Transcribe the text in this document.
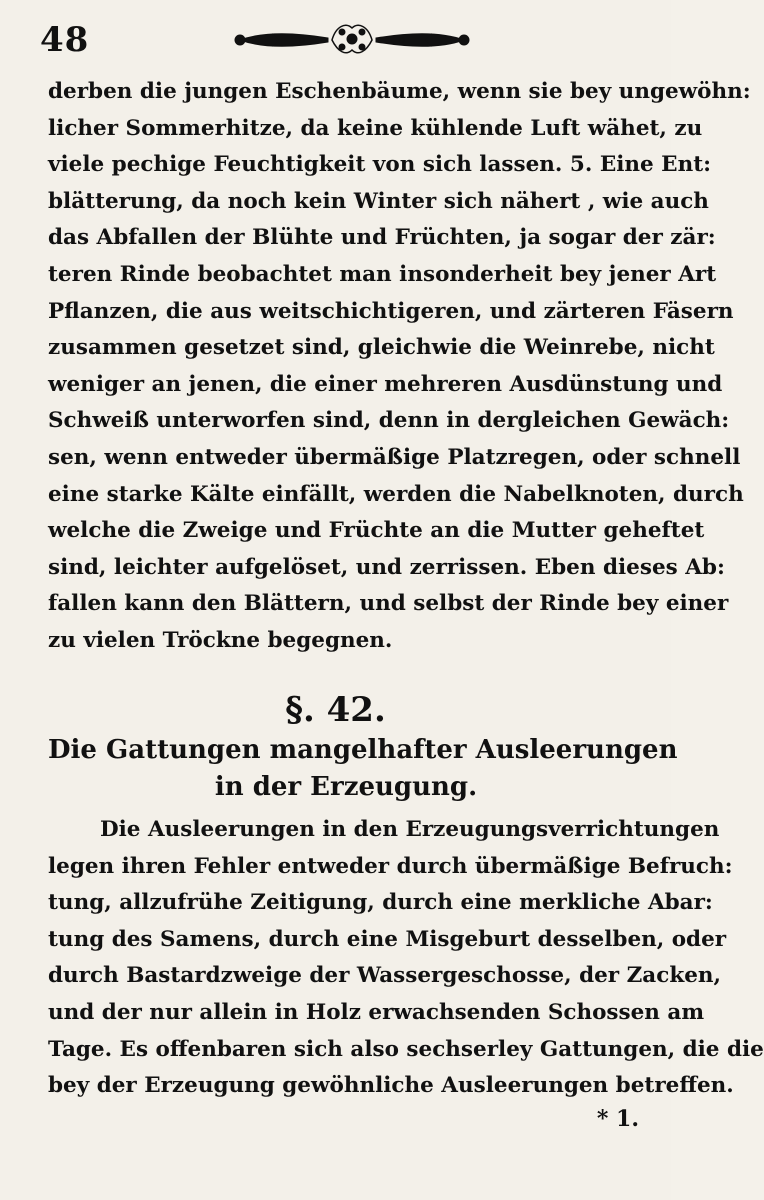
48
derben die jungen Eschenbäume, wenn sie bey ungewöhn:
licher Sommerhitze, da keine kühlende Luft wähet, zu
viele pechige Feuchtigkeit von sich lassen. 5. Eine Ent:
blätterung, da noch kein Winter sich nähert , wie auch
das Abfallen der Blühte und Früchten, ja sogar der zär:
teren Rinde beobachtet man insonderheit bey jener Art
Pflanzen, die aus weitschichtigeren, und zärteren Fäsern
zusammen gesetzet sind, gleichwie die Weinrebe, nicht
weniger an jenen, die einer mehreren Ausdünstung und
Schweiß unterworfen sind, denn in dergleichen Gewäch:
sen, wenn entweder übermäßige Platzregen, oder schnell
eine starke Kälte einfällt, werden die Nabelknoten, durch
welche die Zweige und Früchte an die Mutter geheftet
sind, leichter aufgelöset, und zerrissen. Eben dieses Ab:
fallen kann den Blättern, und selbst der Rinde bey einer
zu vielen Tröckne begegnen.
§. 42.
Die Gattungen mangelhafter Ausleerungen
in der Erzeugung.
Die Ausleerungen in den Erzeugungsverrichtungen
legen ihren Fehler entweder durch übermäßige Befruch:
tung, allzufrühe Zeitigung, durch eine merkliche Abar:
tung des Samens, durch eine Misgeburt desselben, oder
durch Bastardzweige der Wassergeschosse, der Zacken,
und der nur allein in Holz erwachsenden Schossen am
Tage. Es offenbaren sich also sechserley Gattungen, die die
bey der Erzeugung gewöhnliche Ausleerungen betreffen.
* 1.
